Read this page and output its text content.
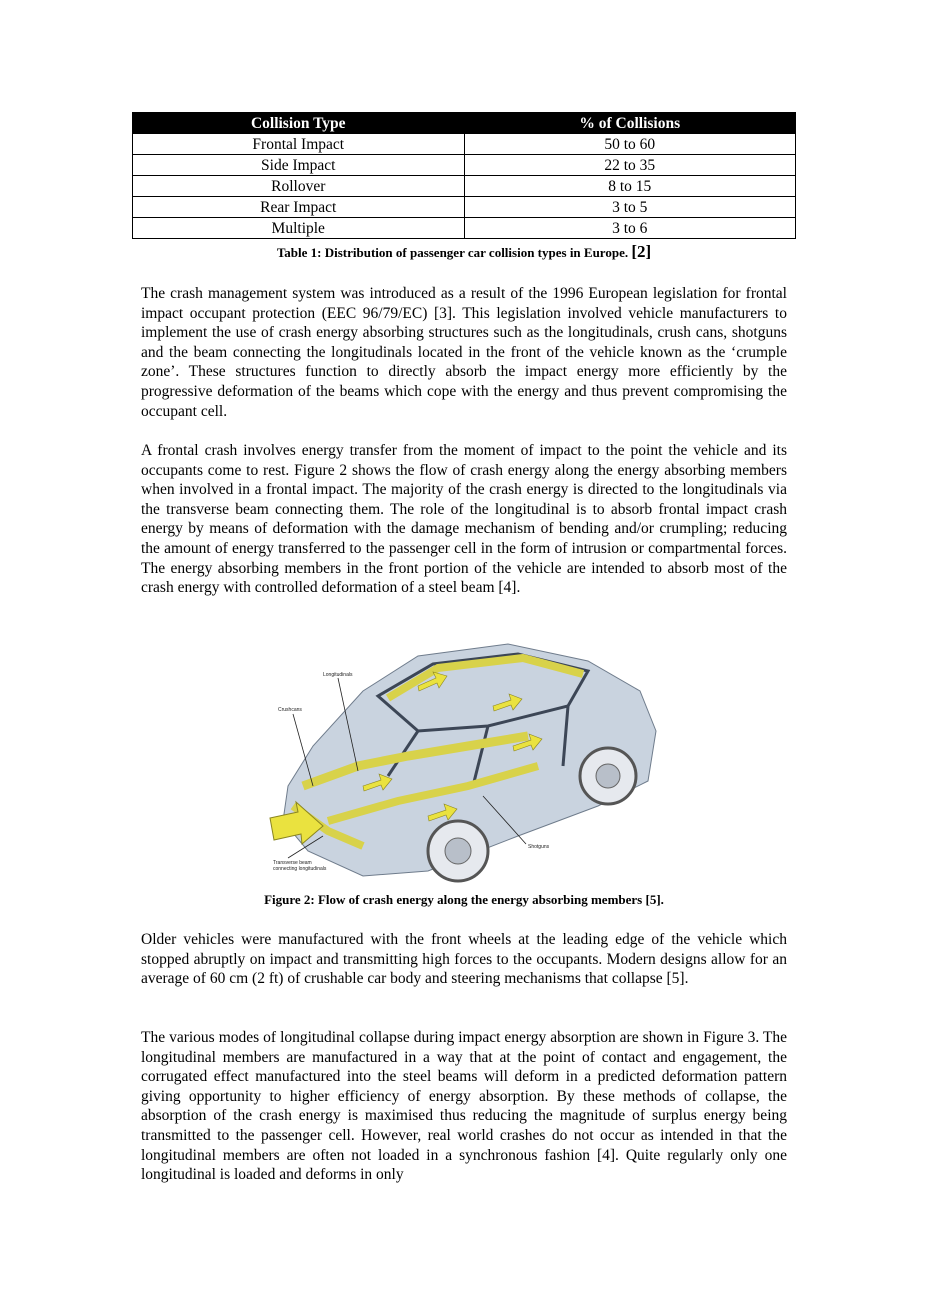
Collision Type	% of Collisions
Frontal Impact	50 to 60
Side Impact	22 to 35
Rollover	8 to 15
Rear Impact	3 to 5
Multiple	3 to 6
Table 1: Distribution of passenger car collision types in Europe. [2]

The crash management system was introduced as a result of the 1996 European legislation for frontal impact occupant protection (EEC 96/79/EC) [3]. This legislation involved vehicle manufacturers to implement the use of crash energy absorbing structures such as the longitudinals, crush cans, shotguns and the beam connecting the longitudinals located in the front of the vehicle known as the ‘crumple zone’. These structures function to directly absorb the impact energy more efficiently by the progressive deformation of the beams which cope with the energy and thus prevent compromising the occupant cell.

A frontal crash involves energy transfer from the moment of impact to the point the vehicle and its occupants come to rest. Figure 2 shows the flow of crash energy along the energy absorbing members when involved in a frontal impact. The majority of the crash energy is directed to the longitudinals via the transverse beam connecting them. The role of the longitudinal is to absorb frontal impact crash energy by means of deformation with the damage mechanism of bending and/or crumpling; reducing the amount of energy transferred to the passenger cell in the form of intrusion or compartmental forces. The energy absorbing members in the front portion of the vehicle are intended to absorb most of the crash energy with controlled deformation of a steel beam [4].

Longitudinals
Crushcans
Shotguns
Transverse beam
connecting longitudinals
Figure 2: Flow of crash energy along the energy absorbing members [5].

Older vehicles were manufactured with the front wheels at the leading edge of the vehicle which stopped abruptly on impact and transmitting high forces to the occupants. Modern designs allow for an average of 60 cm (2 ft) of crushable car body and steering mechanisms that collapse [5].

The various modes of longitudinal collapse during impact energy absorption are shown in Figure 3. The longitudinal members are manufactured in a way that at the point of contact and engagement, the corrugated effect manufactured into the steel beams will deform in a predicted deformation pattern giving opportunity to higher efficiency of energy absorption. By these methods of collapse, the absorption of the crash energy is maximised thus reducing the magnitude of surplus energy being transmitted to the passenger cell. However, real world crashes do not occur as intended in that the longitudinal members are often not loaded in a synchronous fashion [4]. Quite regularly only one longitudinal is loaded and deforms in only
